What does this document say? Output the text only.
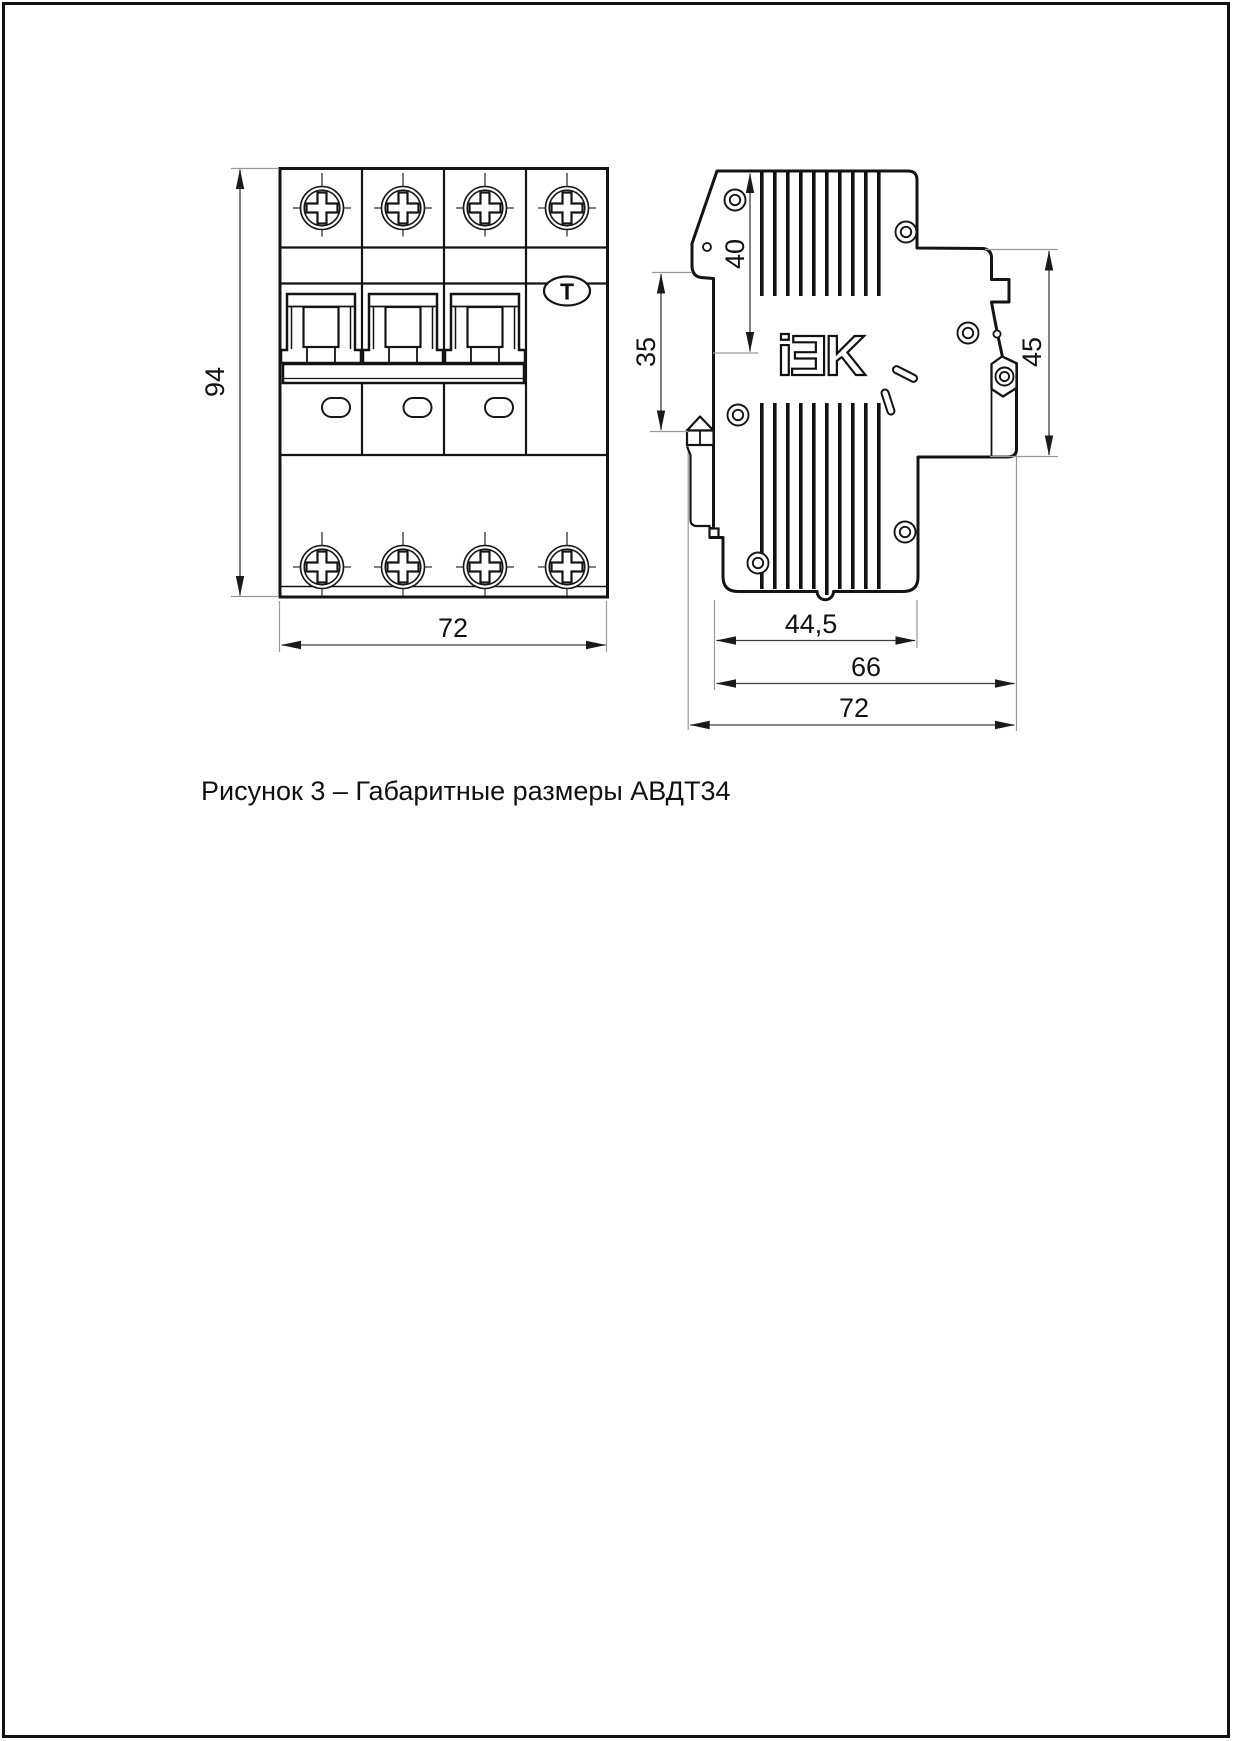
Т
94
72
iƎK
40
35	45
44,5
66
72
Рисунок 3 – Габаритные размеры АВДТ34
